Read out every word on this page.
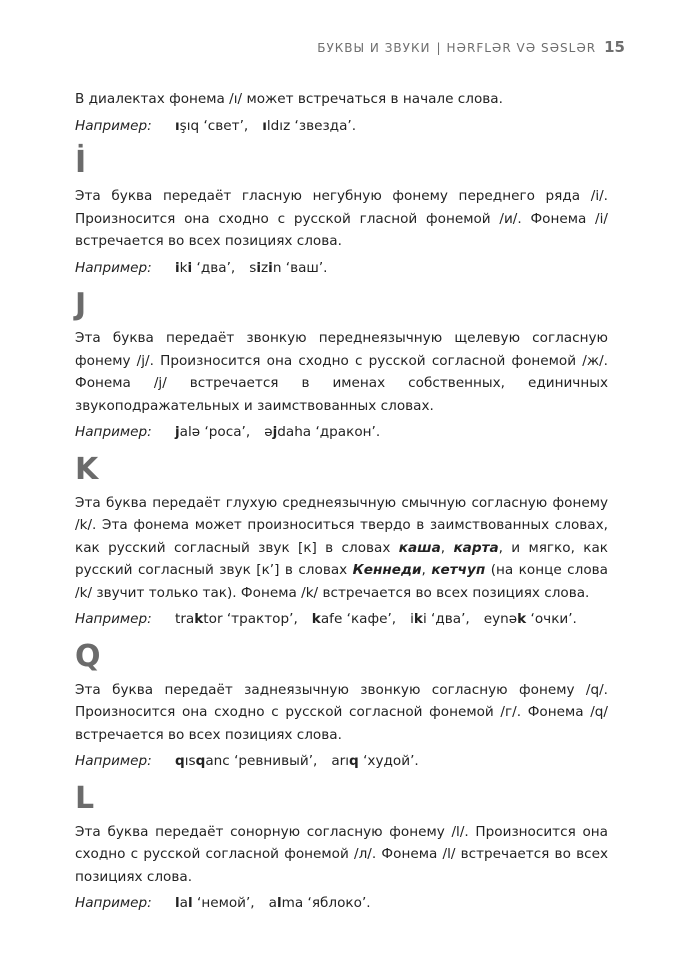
БУКВЫ И ЗВУКИ | HƏRFLƏR VƏ SƏSLƏR 15

В диалектах фонема /ı/ может встречаться в начале слова.

Например:	ışıq ‘свет’, ıldız ‘звезда’.
İ

Эта буква передаёт гласную негубную фонему переднего ряда /i/. Произносится она сходно с русской гласной фонемой /и/. Фонема /i/ встречается во всех позициях слова.

Например:	iki ‘два’, sizin ‘ваш’.
J

Эта буква передаёт звонкую переднеязычную щелевую согласную фонему /j/. Произносится она сходно с русской согласной фонемой /ж/. Фонема /j/ встречается в именах собственных, единичных звукоподражательных и заимствованных словах.

Например:	jalə ‘роса’, əjdaha ‘дракон’.
K

Эта буква передаёт глухую среднеязычную смычную согласную фонему /k/. Эта фонема может произноситься твердо в заимствованных словах, как русский согласный звук [к] в словах каша, карта, и мягко, как русский согласный звук [к’] в словах Кеннеди, кетчуп (на конце слова /k/ звучит только так). Фонема /k/ встречается во всех позициях слова.

Например:	traktor ‘трактор’, kafe ‘кафе’, iki ‘два’, eynək ‘очки’.
Q

Эта буква передаёт заднеязычную звонкую согласную фонему /q/. Произносится она сходно с русской согласной фонемой /г/. Фонема /q/ встречается во всех позициях слова.

Например:	qısqanc ‘ревнивый’, arıq ‘худой’.
L

Эта буква передаёт сонорную согласную фонему /l/. Произносится она сходно с русской согласной фонемой /л/. Фонема /l/ встречается во всех позициях слова.

Например:	lal ‘немой’, alma ‘яблоко’.
